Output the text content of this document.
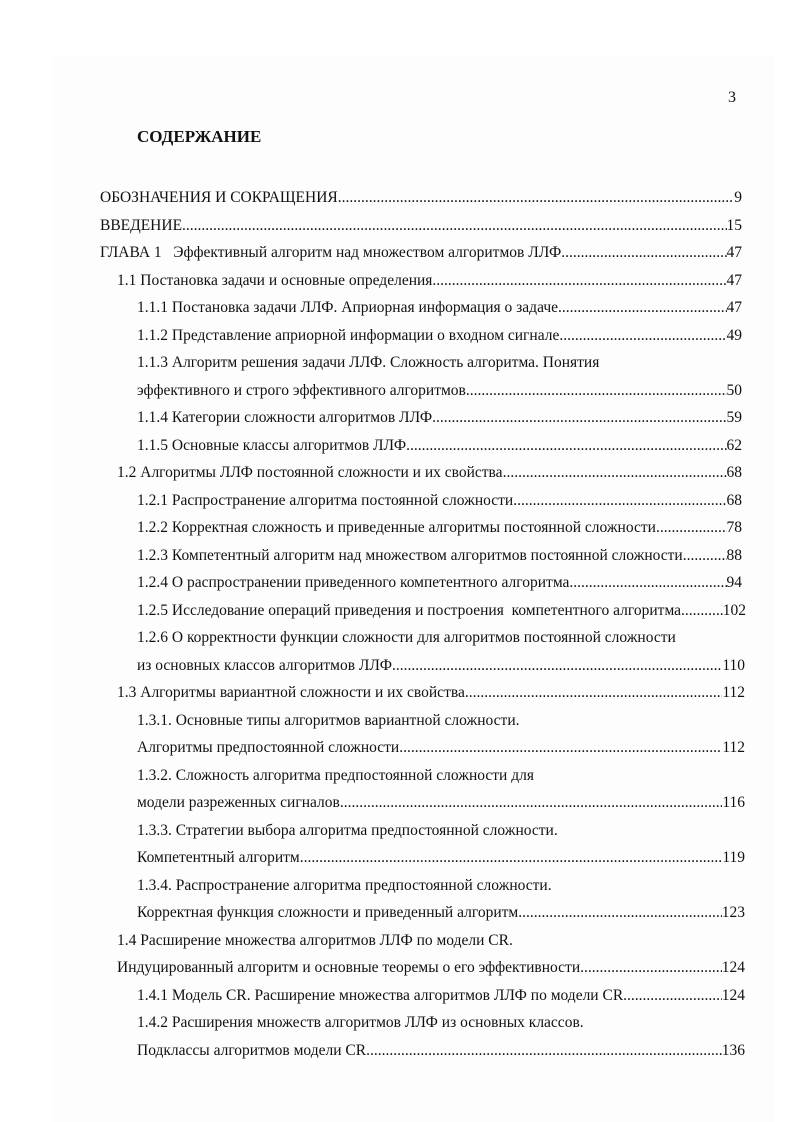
3
СОДЕРЖАНИЕ
ОБОЗНАЧЕНИЯ И СОКРАЩЕНИЯ .....	9
ВВЕДЕНИЕ .....	15
ГЛАВА 1   Эффективный алгоритм над множеством алгоритмов ЛЛФ .....	47
1.1 Постановка задачи и основные определения .....	47
1.1.1 Постановка задачи ЛЛФ. Априорная информация о задаче .....	47
1.1.2 Представление априорной информации о входном сигнале .....	49
1.1.3 Алгоритм решения задачи ЛЛФ. Сложность алгоритма. Понятия
эффективного и строго эффективного алгоритмов .....	50
1.1.4 Категории сложности алгоритмов ЛЛФ .....	59
1.1.5 Основные классы алгоритмов ЛЛФ .....	62
1.2 Алгоритмы ЛЛФ постоянной сложности и их свойства .....	68
1.2.1 Распространение алгоритма постоянной сложности .....	68
1.2.2 Корректная сложность и приведенные алгоритмы постоянной сложности .....	78
1.2.3 Компетентный алгоритм над множеством алгоритмов постоянной сложности .....	88
1.2.4 О распространении приведенного компетентного алгоритма .....	94
1.2.5 Исследование операций приведения и построения  компетентного алгоритма .....	102
1.2.6 О корректности функции сложности для алгоритмов постоянной сложности
из основных классов алгоритмов ЛЛФ .....	110
1.3 Алгоритмы вариантной сложности и их свойства .....	112
1.3.1. Основные типы алгоритмов вариантной сложности.
Алгоритмы предпостоянной сложности .....	112
1.3.2. Сложность алгоритма предпостоянной сложности для
модели разреженных сигналов .....	116
1.3.3. Стратегии выбора алгоритма предпостоянной сложности.
Компетентный алгоритм .....	119
1.3.4. Распространение алгоритма предпостоянной сложности.
Корректная функция сложности и приведенный алгоритм .....	123
1.4 Расширение множества алгоритмов ЛЛФ по модели CR.
Индуцированный алгоритм и основные теоремы о его эффективности .....	124
1.4.1 Модель CR. Расширение множества алгоритмов ЛЛФ по модели CR .....	124
1.4.2 Расширения множеств алгоритмов ЛЛФ из основных классов.
Подклассы алгоритмов модели CR .....	136
